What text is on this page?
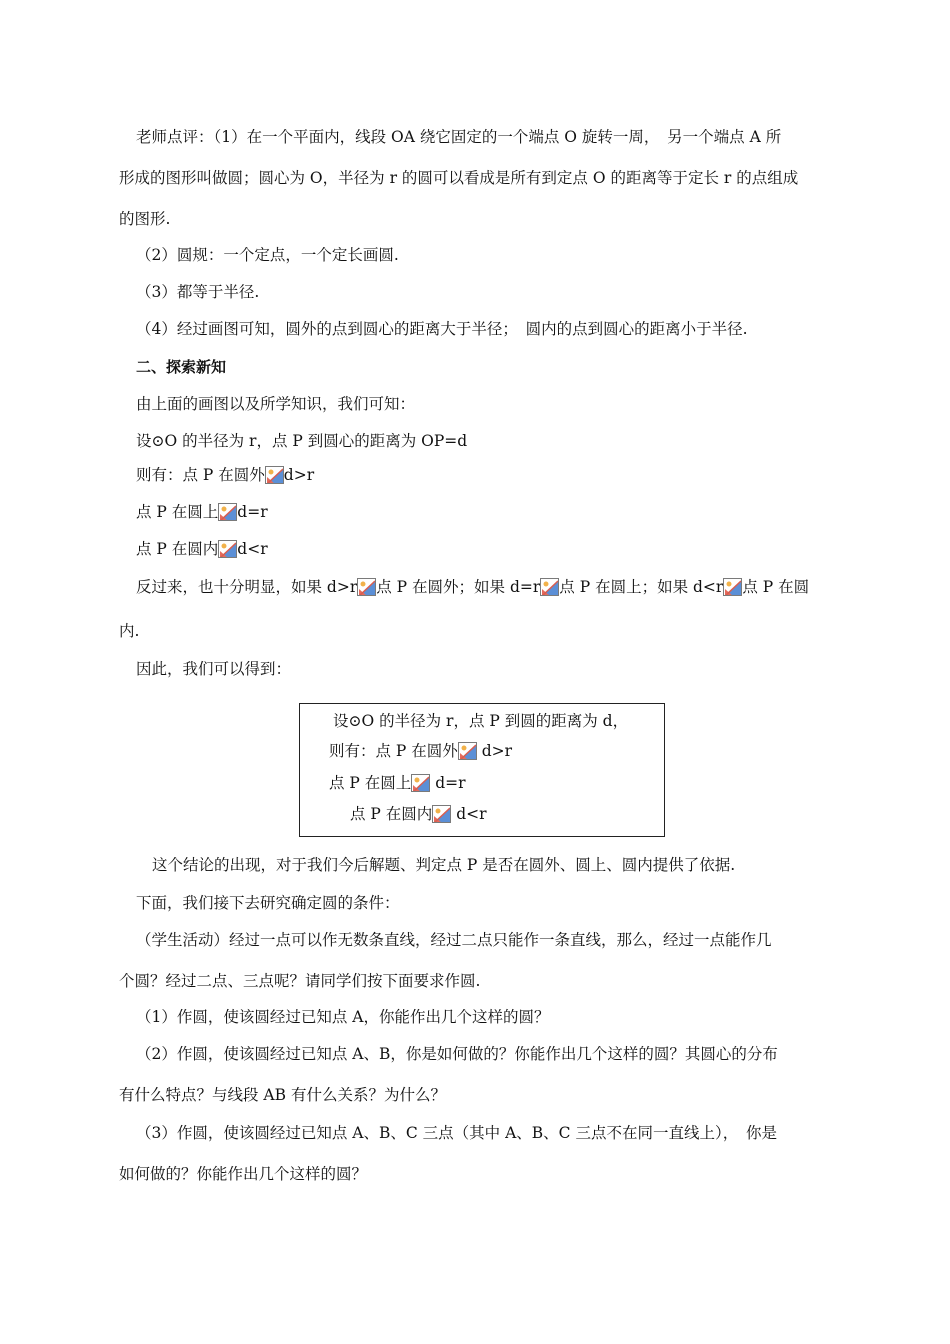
老师点评：（1）在一个平面内，线段 OA 绕它固定的一个端点 O 旋转一周，　另一个端点 A 所
形成的图形叫做圆；圆心为 O，半径为 r 的圆可以看成是所有到定点 O 的距离等于定长 r 的点组成
的图形.
（2）圆规：一个定点，一个定长画圆.
（3）都等于半径.
（4）经过画图可知，圆外的点到圆心的距离大于半径；　圆内的点到圆心的距离小于半径.
二、探索新知
由上面的画图以及所学知识，我们可知：
设⊙O 的半径为 r，点 P 到圆心的距离为 OP=d
则有：点 P 在圆外 d>r
点 P 在圆上 d=r
点 P 在圆内 d<r
反过来，也十分明显，如果 d>r 点 P 在圆外；如果 d=r 点 P 在圆上；如果 d<r 点 P 在圆
内.
因此，我们可以得到：
设⊙O 的半径为 r，点 P 到圆的距离为 d，
则有：点 P 在圆外 d>r
点 P 在圆上 d=r
点 P 在圆内 d<r
这个结论的出现，对于我们今后解题、判定点 P 是否在圆外、圆上、圆内提供了依据.
下面，我们接下去研究确定圆的条件：
（学生活动）经过一点可以作无数条直线，经过二点只能作一条直线，那么，经过一点能作几
个圆？经过二点、三点呢？请同学们按下面要求作圆.
（1）作圆，使该圆经过已知点 A，你能作出几个这样的圆？
（2）作圆，使该圆经过已知点 A、B，你是如何做的？你能作出几个这样的圆？其圆心的分布
有什么特点？与线段 AB 有什么关系？为什么？
（3）作圆，使该圆经过已知点 A、B、C 三点（其中 A、B、C 三点不在同一直线上），　你是
如何做的？你能作出几个这样的圆？
